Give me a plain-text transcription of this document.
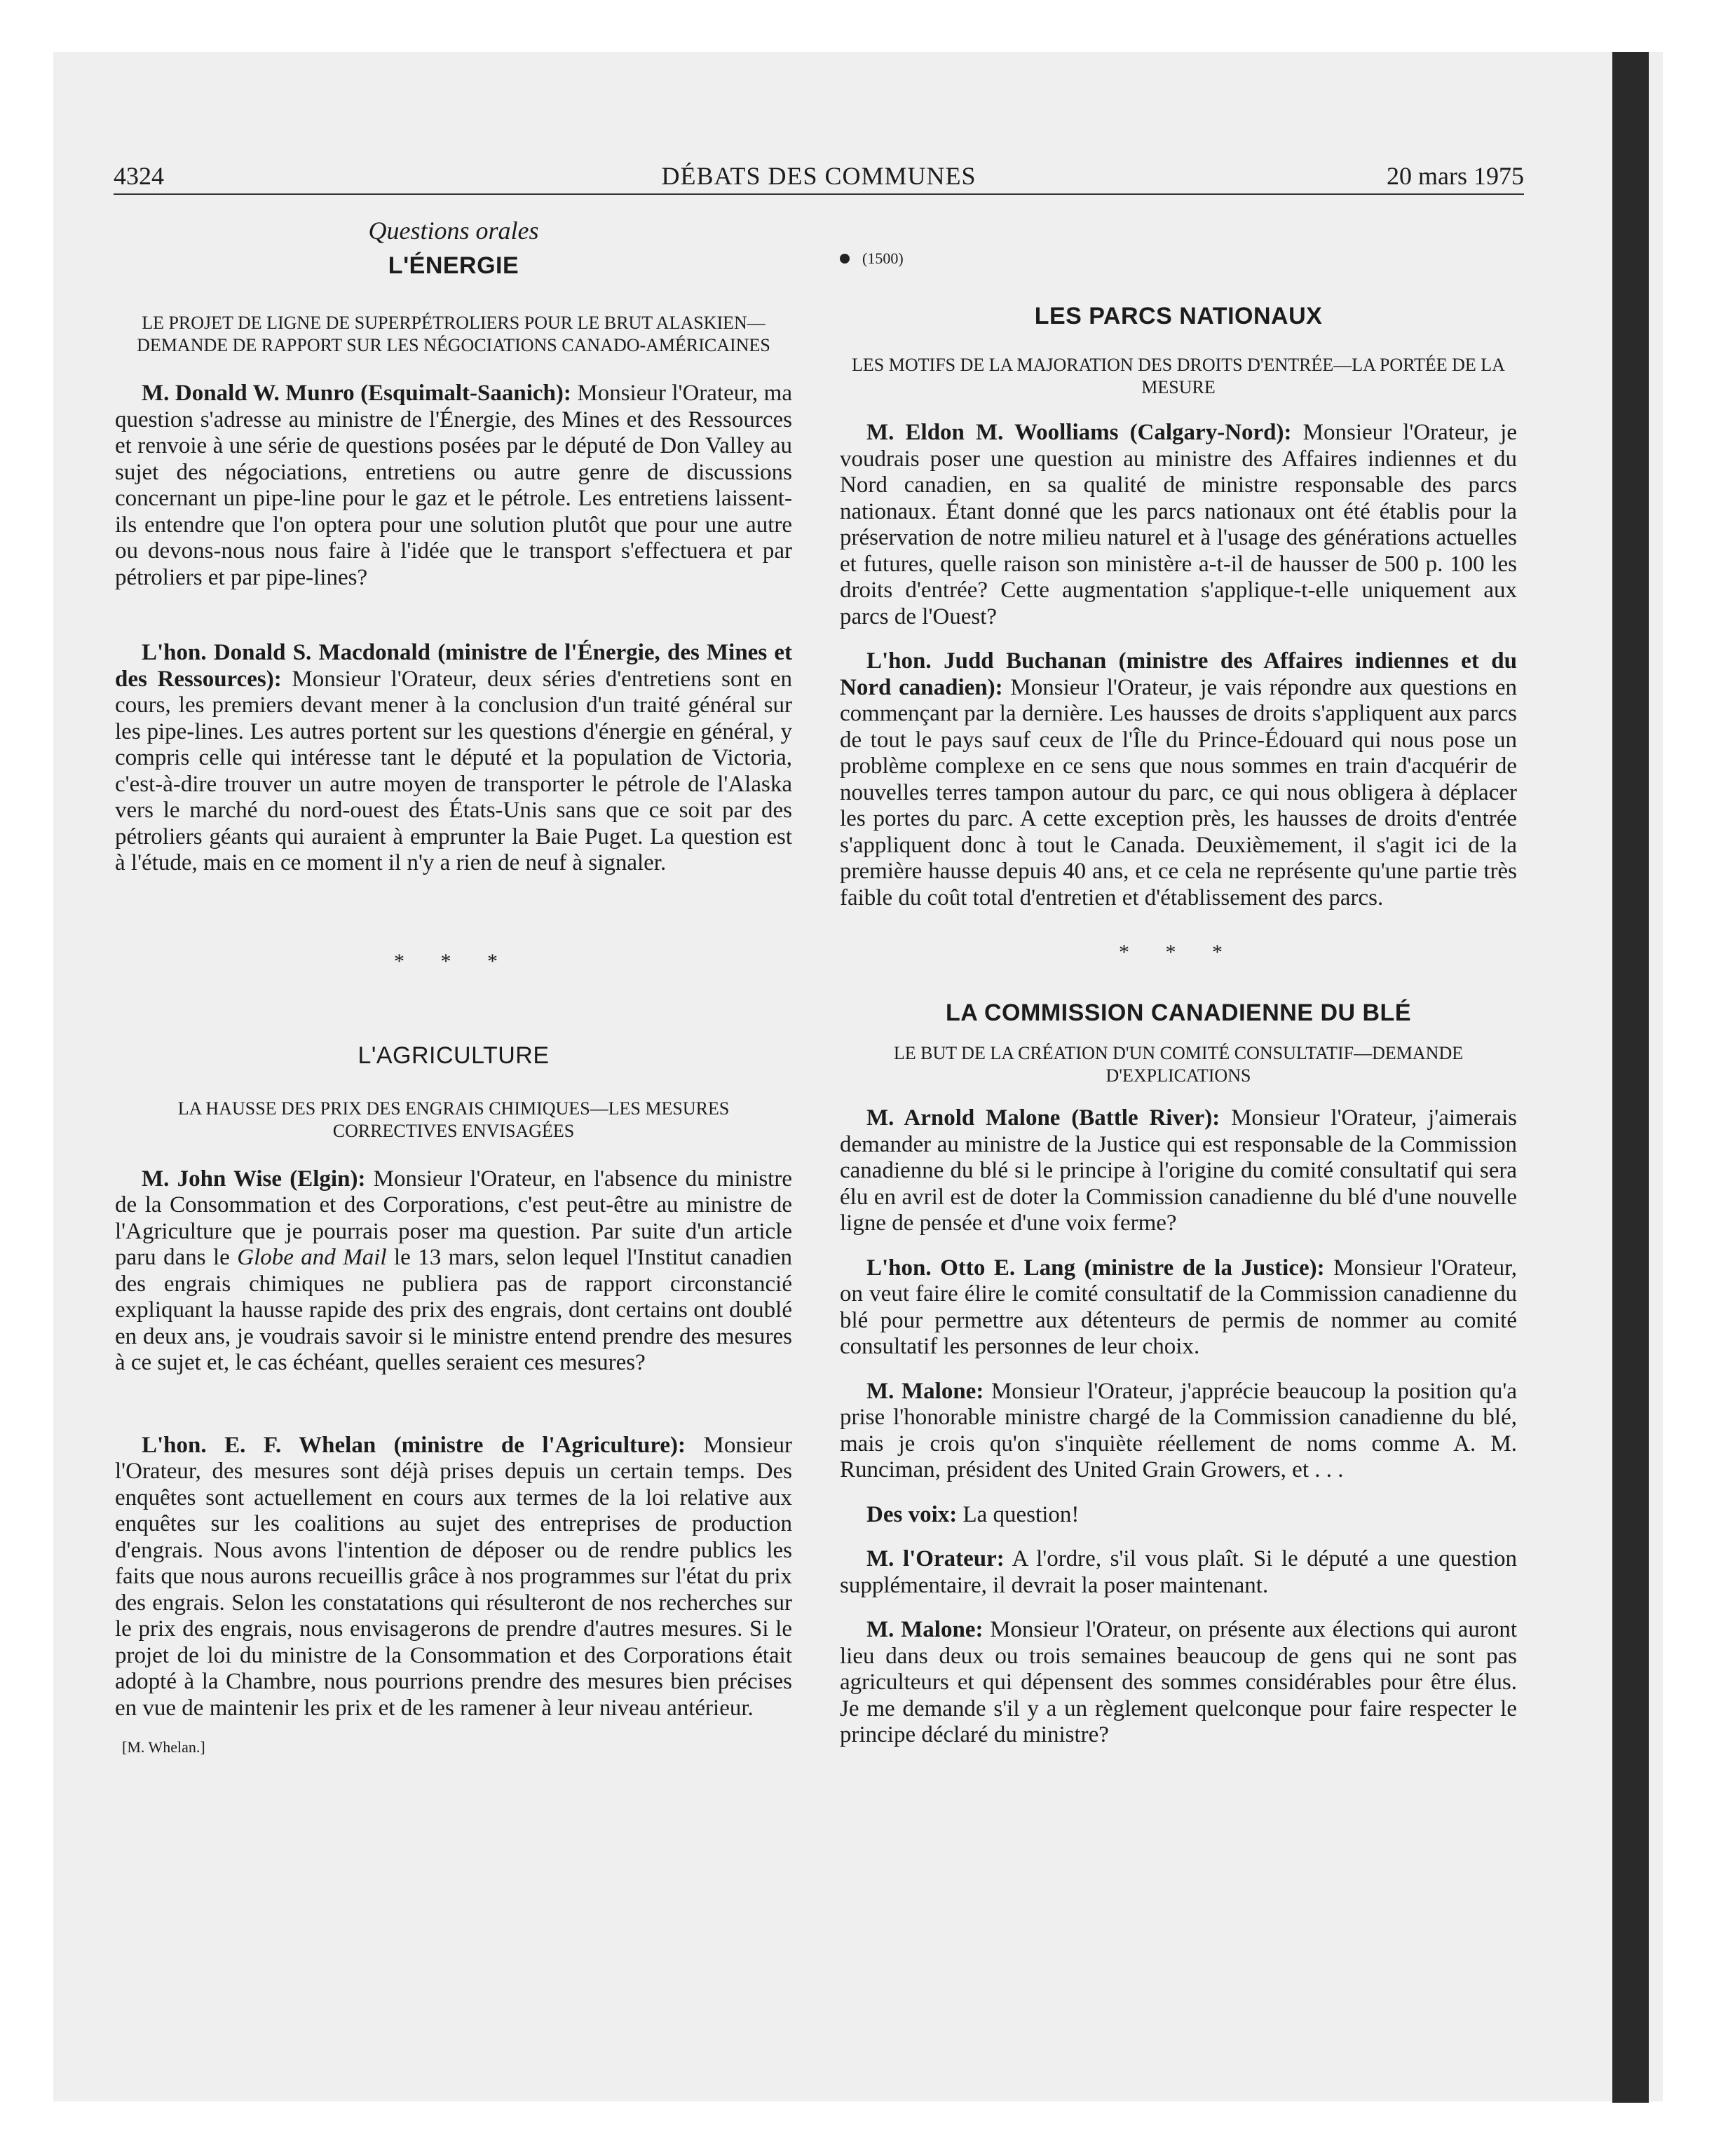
4324	DÉBATS DES COMMUNES	20 mars 1975

Questions orales

L'ÉNERGIE

LE PROJET DE LIGNE DE SUPERPÉTROLIERS POUR LE BRUT ALASKIEN—DEMANDE DE RAPPORT SUR LES NÉGOCIATIONS CANADO-AMÉRICAINES

M. Donald W. Munro (Esquimalt-Saanich): Monsieur l'Orateur, ma question s'adresse au ministre de l'Énergie, des Mines et des Ressources et renvoie à une série de questions posées par le député de Don Valley au sujet des négociations, entretiens ou autre genre de discussions concernant un pipe-line pour le gaz et le pétrole. Les entretiens laissent-ils entendre que l'on optera pour une solution plutôt que pour une autre ou devons-nous nous faire à l'idée que le transport s'effectuera et par pétroliers et par pipe-lines?

L'hon. Donald S. Macdonald (ministre de l'Énergie, des Mines et des Ressources): Monsieur l'Orateur, deux séries d'entretiens sont en cours, les premiers devant mener à la conclusion d'un traité général sur les pipe-lines. Les autres portent sur les questions d'énergie en général, y compris celle qui intéresse tant le député et la population de Victoria, c'est-à-dire trouver un autre moyen de transporter le pétrole de l'Alaska vers le marché du nord-ouest des États-Unis sans que ce soit par des pétroliers géants qui auraient à emprunter la Baie Puget. La question est à l'étude, mais en ce moment il n'y a rien de neuf à signaler.

* * *

L'AGRICULTURE

LA HAUSSE DES PRIX DES ENGRAIS CHIMIQUES—LES MESURES CORRECTIVES ENVISAGÉES

M. John Wise (Elgin): Monsieur l'Orateur, en l'absence du ministre de la Consommation et des Corporations, c'est peut-être au ministre de l'Agriculture que je pourrais poser ma question. Par suite d'un article paru dans le Globe and Mail le 13 mars, selon lequel l'Institut canadien des engrais chimiques ne publiera pas de rapport circonstancié expliquant la hausse rapide des prix des engrais, dont certains ont doublé en deux ans, je voudrais savoir si le ministre entend prendre des mesures à ce sujet et, le cas échéant, quelles seraient ces mesures?

L'hon. E. F. Whelan (ministre de l'Agriculture): Monsieur l'Orateur, des mesures sont déjà prises depuis un certain temps. Des enquêtes sont actuellement en cours aux termes de la loi relative aux enquêtes sur les coalitions au sujet des entreprises de production d'engrais. Nous avons l'intention de déposer ou de rendre publics les faits que nous aurons recueillis grâce à nos programmes sur l'état du prix des engrais. Selon les constatations qui résulteront de nos recherches sur le prix des engrais, nous envisagerons de prendre d'autres mesures. Si le projet de loi du ministre de la Consommation et des Corporations était adopté à la Chambre, nous pourrions prendre des mesures bien précises en vue de maintenir les prix et de les ramener à leur niveau antérieur.

[M. Whelan.]

(1500)

LES PARCS NATIONAUX

LES MOTIFS DE LA MAJORATION DES DROITS D'ENTRÉE—LA PORTÉE DE LA MESURE

M. Eldon M. Woolliams (Calgary-Nord): Monsieur l'Orateur, je voudrais poser une question au ministre des Affaires indiennes et du Nord canadien, en sa qualité de ministre responsable des parcs nationaux. Étant donné que les parcs nationaux ont été établis pour la préservation de notre milieu naturel et à l'usage des générations actuelles et futures, quelle raison son ministère a-t-il de hausser de 500 p. 100 les droits d'entrée? Cette augmentation s'applique-t-elle uniquement aux parcs de l'Ouest?

L'hon. Judd Buchanan (ministre des Affaires indiennes et du Nord canadien): Monsieur l'Orateur, je vais répondre aux questions en commençant par la dernière. Les hausses de droits s'appliquent aux parcs de tout le pays sauf ceux de l'Île du Prince-Édouard qui nous pose un problème complexe en ce sens que nous sommes en train d'acquérir de nouvelles terres tampon autour du parc, ce qui nous obligera à déplacer les portes du parc. A cette exception près, les hausses de droits d'entrée s'appliquent donc à tout le Canada. Deuxièmement, il s'agit ici de la première hausse depuis 40 ans, et ce cela ne représente qu'une partie très faible du coût total d'entretien et d'établissement des parcs.

* * *

LA COMMISSION CANADIENNE DU BLÉ

LE BUT DE LA CRÉATION D'UN COMITÉ CONSULTATIF—DEMANDE D'EXPLICATIONS

M. Arnold Malone (Battle River): Monsieur l'Orateur, j'aimerais demander au ministre de la Justice qui est responsable de la Commission canadienne du blé si le principe à l'origine du comité consultatif qui sera élu en avril est de doter la Commission canadienne du blé d'une nouvelle ligne de pensée et d'une voix ferme?

L'hon. Otto E. Lang (ministre de la Justice): Monsieur l'Orateur, on veut faire élire le comité consultatif de la Commission canadienne du blé pour permettre aux détenteurs de permis de nommer au comité consultatif les personnes de leur choix.

M. Malone: Monsieur l'Orateur, j'apprécie beaucoup la position qu'a prise l'honorable ministre chargé de la Commission canadienne du blé, mais je crois qu'on s'inquiète réellement de noms comme A. M. Runciman, président des United Grain Growers, et . . .

Des voix: La question!

M. l'Orateur: A l'ordre, s'il vous plaît. Si le député a une question supplémentaire, il devrait la poser maintenant.

M. Malone: Monsieur l'Orateur, on présente aux élections qui auront lieu dans deux ou trois semaines beaucoup de gens qui ne sont pas agriculteurs et qui dépensent des sommes considérables pour être élus. Je me demande s'il y a un règlement quelconque pour faire respecter le principe déclaré du ministre?
